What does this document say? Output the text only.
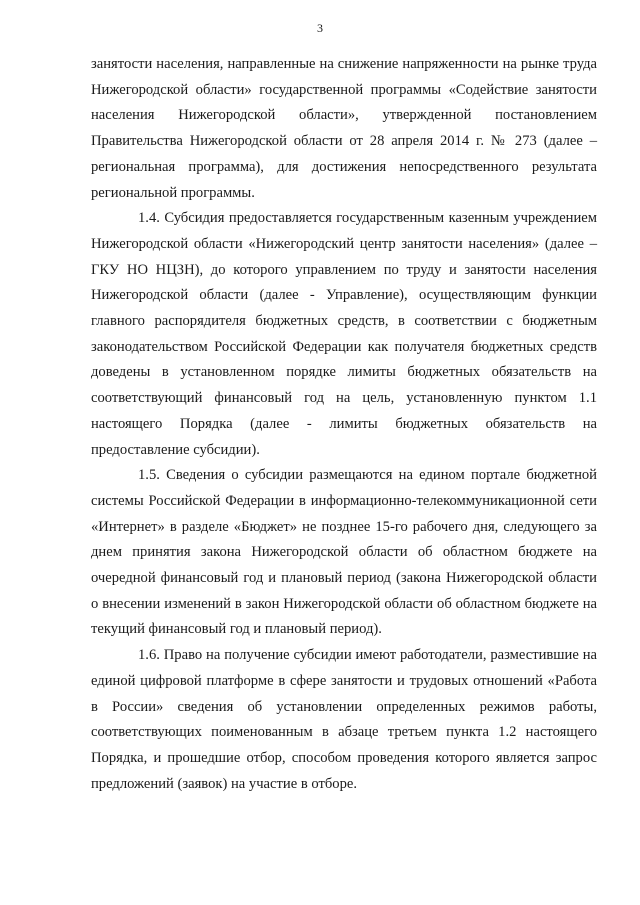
3

занятости населения, направленные на снижение напряженности на рынке труда Нижегородской области» государственной программы «Содействие занятости населения Нижегородской области», утвержденной постановлением Правительства Нижегородской области от 28 апреля 2014 г. № 273 (далее – региональная программа), для достижения непосредственного результата региональной программы.

1.4. Субсидия предоставляется государственным казенным учреждением Нижегородской области «Нижегородский центр занятости населения» (далее – ГКУ НО НЦЗН), до которого управлением по труду и занятости населения Нижегородской области (далее - Управление), осуществляющим функции главного распорядителя бюджетных средств, в соответствии с бюджетным законодательством Российской Федерации как получателя бюджетных средств доведены в установленном порядке лимиты бюджетных обязательств на соответствующий финансовый год на цель, установленную пунктом 1.1 настоящего Порядка (далее - лимиты бюджетных обязательств на предоставление субсидии).

1.5. Сведения о субсидии размещаются на едином портале бюджетной системы Российской Федерации в информационно-телекоммуникационной сети «Интернет» в разделе «Бюджет» не позднее 15-го рабочего дня, следующего за днем принятия закона Нижегородской области об областном бюджете на очередной финансовый год и плановый период (закона Нижегородской области о внесении изменений в закон Нижегородской области об областном бюджете на текущий финансовый год и плановый период).

1.6. Право на получение субсидии имеют работодатели, разместившие на единой цифровой платформе в сфере занятости и трудовых отношений «Работа в России» сведения об установлении определенных режимов работы, соответствующих поименованным в абзаце третьем пункта 1.2 настоящего Порядка, и прошедшие отбор, способом проведения которого является запрос предложений (заявок) на участие в отборе.
